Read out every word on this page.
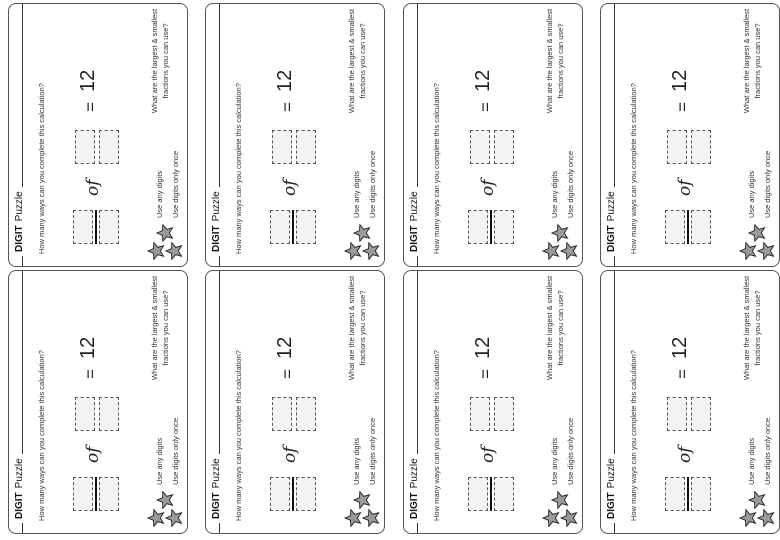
DIGITPuzzle How many ways can you complete this calculation? of
=
12
Use any digits Use digits only once
What are the largest & smallest fractions you can use?
DIGITPuzzle How many ways can you complete this calculation? of
=
12
Use any digits Use digits only once
What are the largest & smallest fractions you can use?
DIGITPuzzle How many ways can you complete this calculation? of
=
12
Use any digits Use digits only once
What are the largest & smallest fractions you can use?
DIGITPuzzle How many ways can you complete this calculation? of
=
12
Use any digits Use digits only once
What are the largest & smallest fractions you can use?
DIGITPuzzle How many ways can you complete this calculation? of
=
12
Use any digits Use digits only once
What are the largest & smallest fractions you can use?
DIGITPuzzle How many ways can you complete this calculation? of
=
12
Use any digits Use digits only once
What are the largest & smallest fractions you can use?
DIGITPuzzle How many ways can you complete this calculation? of
=
12
Use any digits Use digits only once
What are the largest & smallest fractions you can use?
DIGITPuzzle How many ways can you complete this calculation? of
=
12
Use any digits Use digits only once
What are the largest & smallest fractions you can use?
